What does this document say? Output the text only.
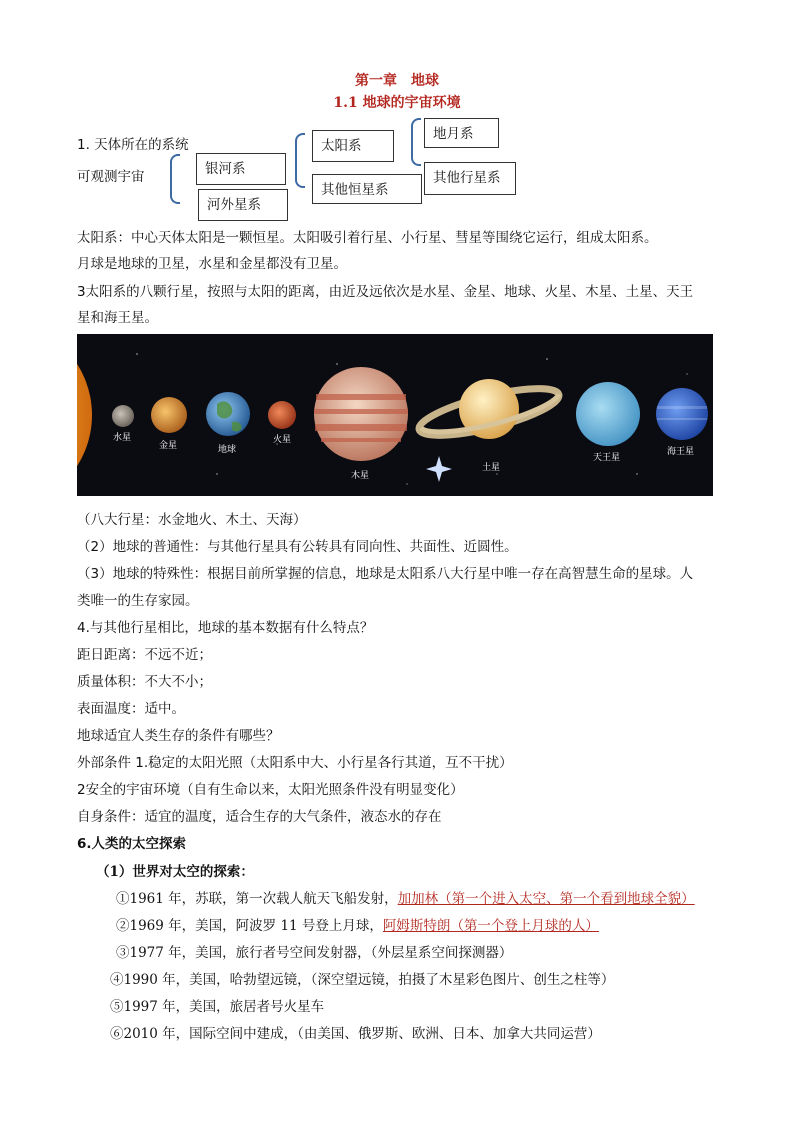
第一章　地球
1.1 地球的宇宙环境
1. 天体所在的系统
可观测宇宙	银河系
河外星系
太阳系
其他恒星系
地月系
其他行星系
太阳系：中心天体太阳是一颗恒星。太阳吸引着行星、小行星、彗星等围绕它运行，组成太阳系。
月球是地球的卫星，水星和金星都没有卫星。
3太阳系的八颗行星，按照与太阳的距离，由近及远依次是水星、金星、地球、火星、木星、土星、天王
星和海王星。
水星
金星	地球
火星
木星
土星
天王星
海王星
（八大行星：水金地火、木土、天海）
（2）地球的普通性：与其他行星具有公转具有同向性、共面性、近圆性。
（3）地球的特殊性：根据目前所掌握的信息，地球是太阳系八大行星中唯一存在高智慧生命的星球。人
类唯一的生存家园。
4.与其他行星相比，地球的基本数据有什么特点？
距日距离：不远不近；
质量体积：不大不小；
表面温度：适中。
地球适宜人类生存的条件有哪些？
外部条件 1.稳定的太阳光照（太阳系中大、小行星各行其道，互不干扰）
2安全的宇宙环境（自有生命以来，太阳光照条件没有明显变化）
自身条件：适宜的温度，适合生存的大气条件，液态水的存在
6.人类的太空探索
（1）世界对太空的探索：
①1961 年，苏联，第一次载人航天飞船发射，加加林（第一个进入太空、第一个看到地球全貌）
②1969 年，美国，阿波罗 11 号登上月球，阿姆斯特朗（第一个登上月球的人）
③1977 年，美国，旅行者号空间发射器，（外层星系空间探测器）
④1990 年，美国，哈勃望远镜，（深空望远镜，拍摄了木星彩色图片、创生之柱等）
⑤1997 年，美国，旅居者号火星车
⑥2010 年，国际空间中建成，（由美国、俄罗斯、欧洲、日本、加拿大共同运营）
